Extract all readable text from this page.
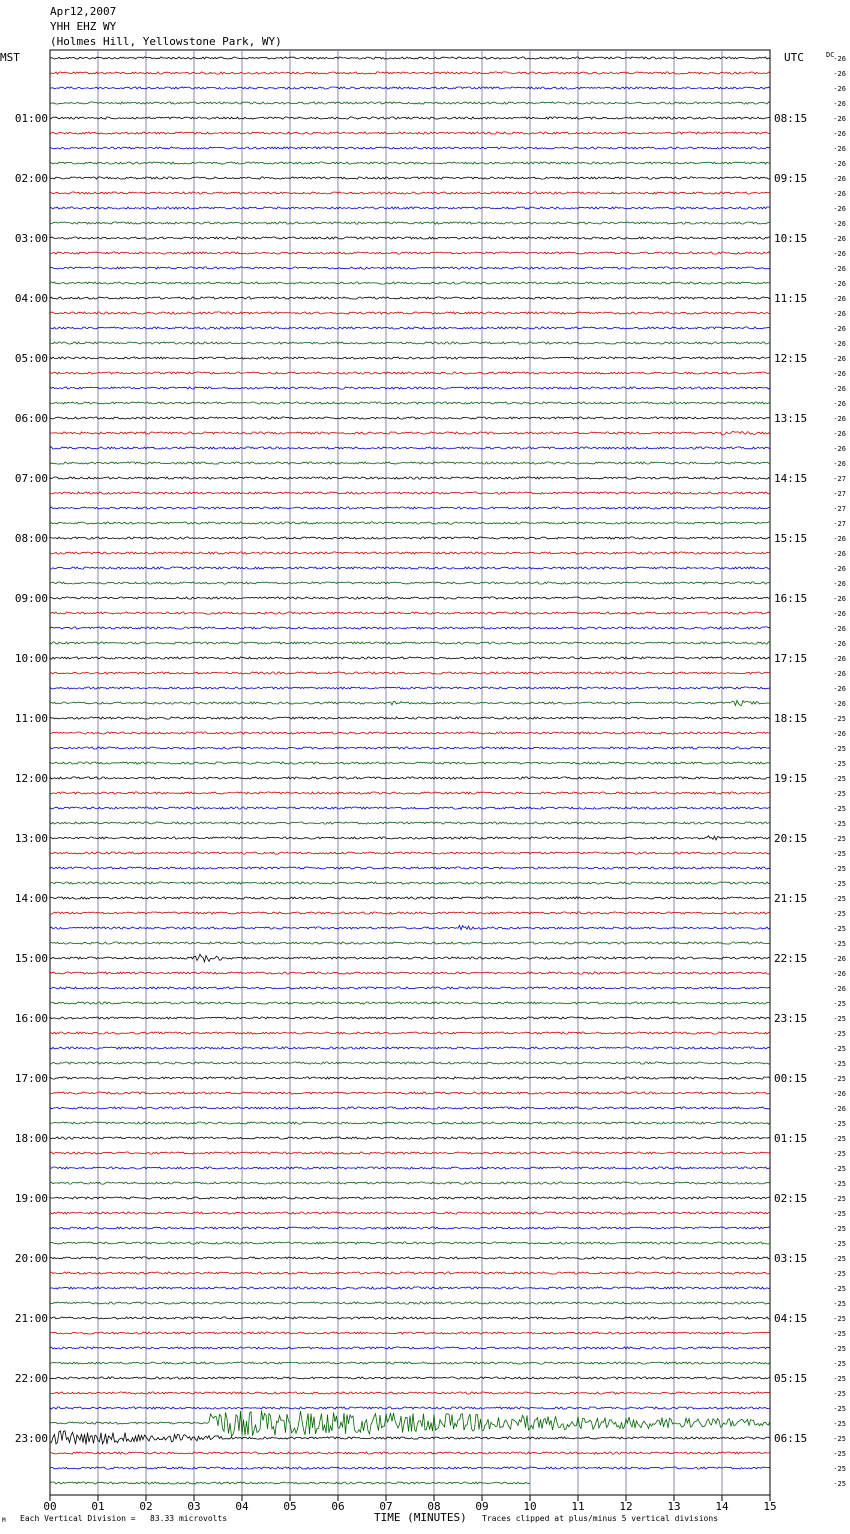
Apr12,2007
YHH EHZ WY
(Holmes Hill, Yellowstone Park, WY)
00	01	02	03	04	05	06	07	08	09	10	11	12	13	14	15
-26
-26
-26
-26
-26
-26
-26
-26
-26
-26
-26
-26
-26
-26
-26
-26
-26
-26
-26
-26
-26
-26
-26
-26
-26
-26
-26
-26
-27
-27
-27
-27
-26
-26
-26
-26
-26
-26
-26
-26
-26
-26
-26
-26
-25
-26
-25
-25
-25
-25
-25
-25
-25
-25
-25
-25
-25
-25
-25
-25
-26
-26
-26
-25
-25
-25
-25
-25
-25
-26
-26
-25
-25
-25
-25
-25
-25
-25
-25
-25
-25
-25
-25
-25
-25
-25
-25
-25
-25
-25
-25
-25
-25
-25
-25
-25
01:00	08:15
02:00	09:15
03:00	10:15
04:00	11:15
05:00	12:15
06:00	13:15
07:00	14:15
08:00	15:15
09:00	16:15
10:00	17:15
11:00	18:15
12:00	19:15
13:00	20:15
14:00	21:15
15:00	22:15
16:00	23:15
17:00	00:15
18:00	01:15
19:00	02:15
20:00	03:15
21:00	04:15
22:00	05:15
23:00	06:15
MST	UTC	DC
Each Vertical Division =   83.33 microvolts	TIME (MINUTES) Traces clipped at plus/minus 5 vertical divisions
M
